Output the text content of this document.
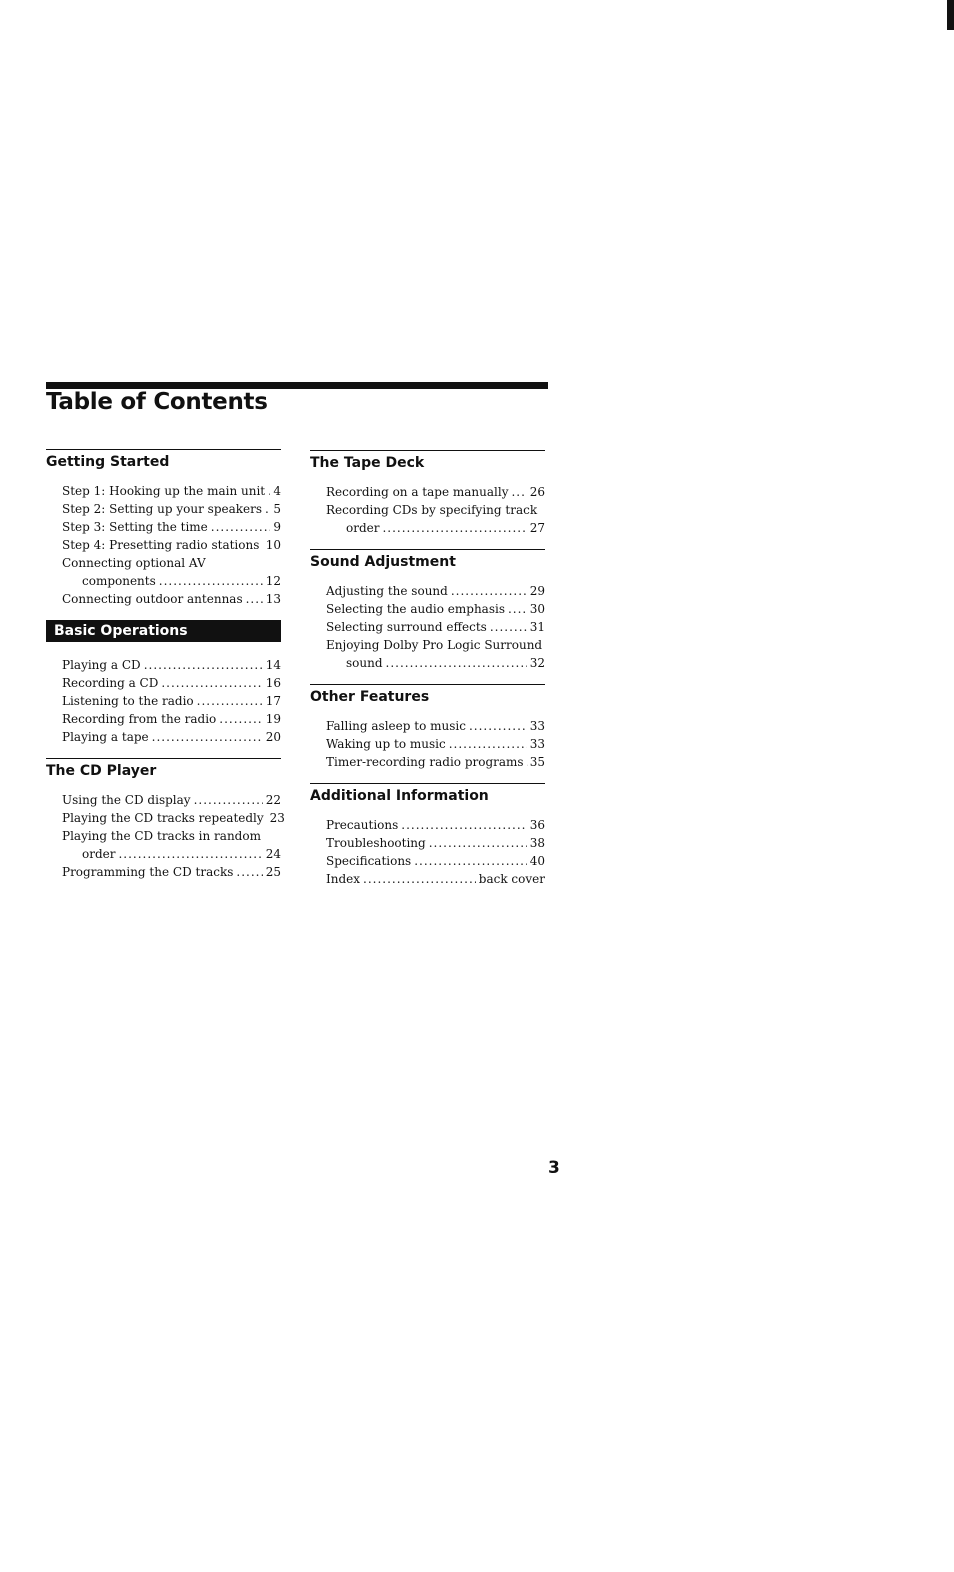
Table of Contents
Getting Started
Step 1: Hooking up the main unit ..... 4
Step 2: Setting up your speakers ..... 5
Step 3: Setting the time .....	9
Step 4: Presetting radio stations ..... 10
Connecting optional AV
components .....	12
Connecting outdoor antennas ..... 13
Basic Operations
Playing a CD .....	14
Recording a CD .....	16
Listening to the radio .....	17
Recording from the radio .....	19
Playing a tape .....	20
The CD Player
Using the CD display .....	22
Playing the CD tracks repeatedly 23
Playing the CD tracks in random
order .....	24
Programming the CD tracks .....	25
The Tape Deck
Recording on a tape manually ..... 26
Recording CDs by specifying track
order .....	27
Sound Adjustment
Adjusting the sound .....	29
Selecting the audio emphasis ..... 30
Selecting surround effects .....	31
Enjoying Dolby Pro Logic Surround
sound .....	32
Other Features
Falling asleep to music .....	33
Waking up to music .....	33
Timer-recording radio programs ..... 35
Additional Information
Precautions .....	36
Troubleshooting .....	38
Specifications .....	40
Index .....	back cover
3
